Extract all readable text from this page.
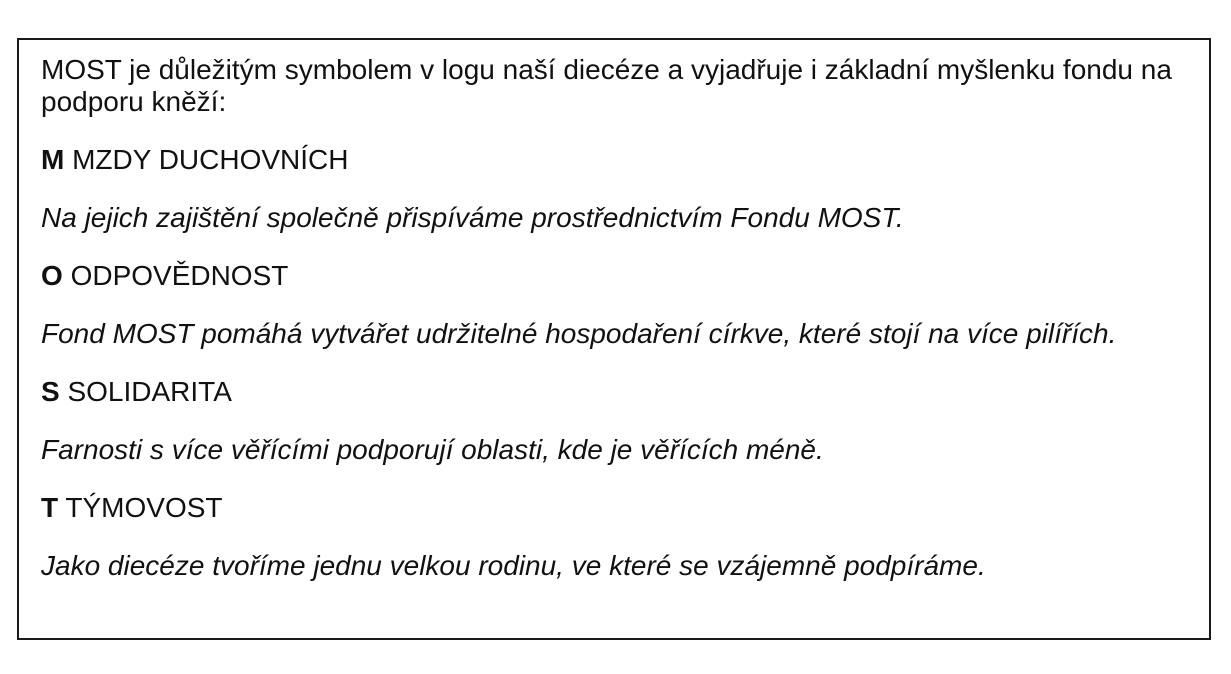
MOST je důležitým symbolem v logu naší diecéze a vyjadřuje i základní myšlenku fondu na podporu kněží:

M MZDY DUCHOVNÍCH

Na jejich zajištění společně přispíváme prostřednictvím Fondu MOST.

O ODPOVĚDNOST

Fond MOST pomáhá vytvářet udržitelné hospodaření církve, které stojí na více pilířích.

S SOLIDARITA

Farnosti s více věřícími podporují oblasti, kde je věřících méně.

T TÝMOVOST

Jako diecéze tvoříme jednu velkou rodinu, ve které se vzájemně podpíráme.
